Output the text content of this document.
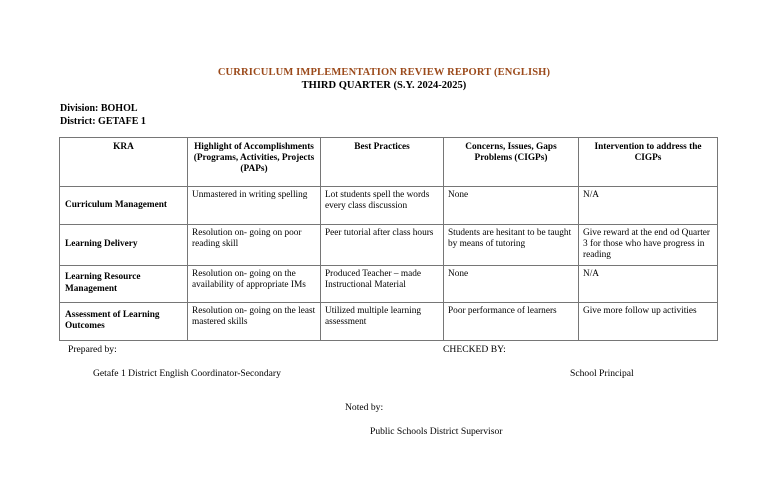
CURRICULUM IMPLEMENTATION REVIEW REPORT (ENGLISH)
THIRD QUARTER (S.Y. 2024-2025)
Division: BOHOL
District: GETAFE 1
KRA	Highlight of Accomplishments (Programs, Activities, Projects (PAPs)	Best Practices	Concerns, Issues, Gaps Problems (CIGPs)	Intervention to address the CIGPs
Curriculum Management	Unmastered in writing spelling	Lot students spell the words every class discussion	None	N/A
Learning Delivery	Resolution on- going on poor reading skill	Peer tutorial after class hours	Students are hesitant to be taught by means of tutoring	Give reward at the end od Quarter 3 for those who have progress in reading
Learning Resource Management	Resolution on- going on the availability of appropriate IMs	Produced Teacher – made Instructional Material	None	N/A
Assessment of Learning Outcomes	Resolution on- going on the least mastered skills	Utilized multiple learning assessment	Poor performance of learners	Give more follow up activities
Prepared by:	CHECKED BY:
Getafe 1 District English Coordinator-Secondary	School Principal
Noted by:
Public Schools District Supervisor
